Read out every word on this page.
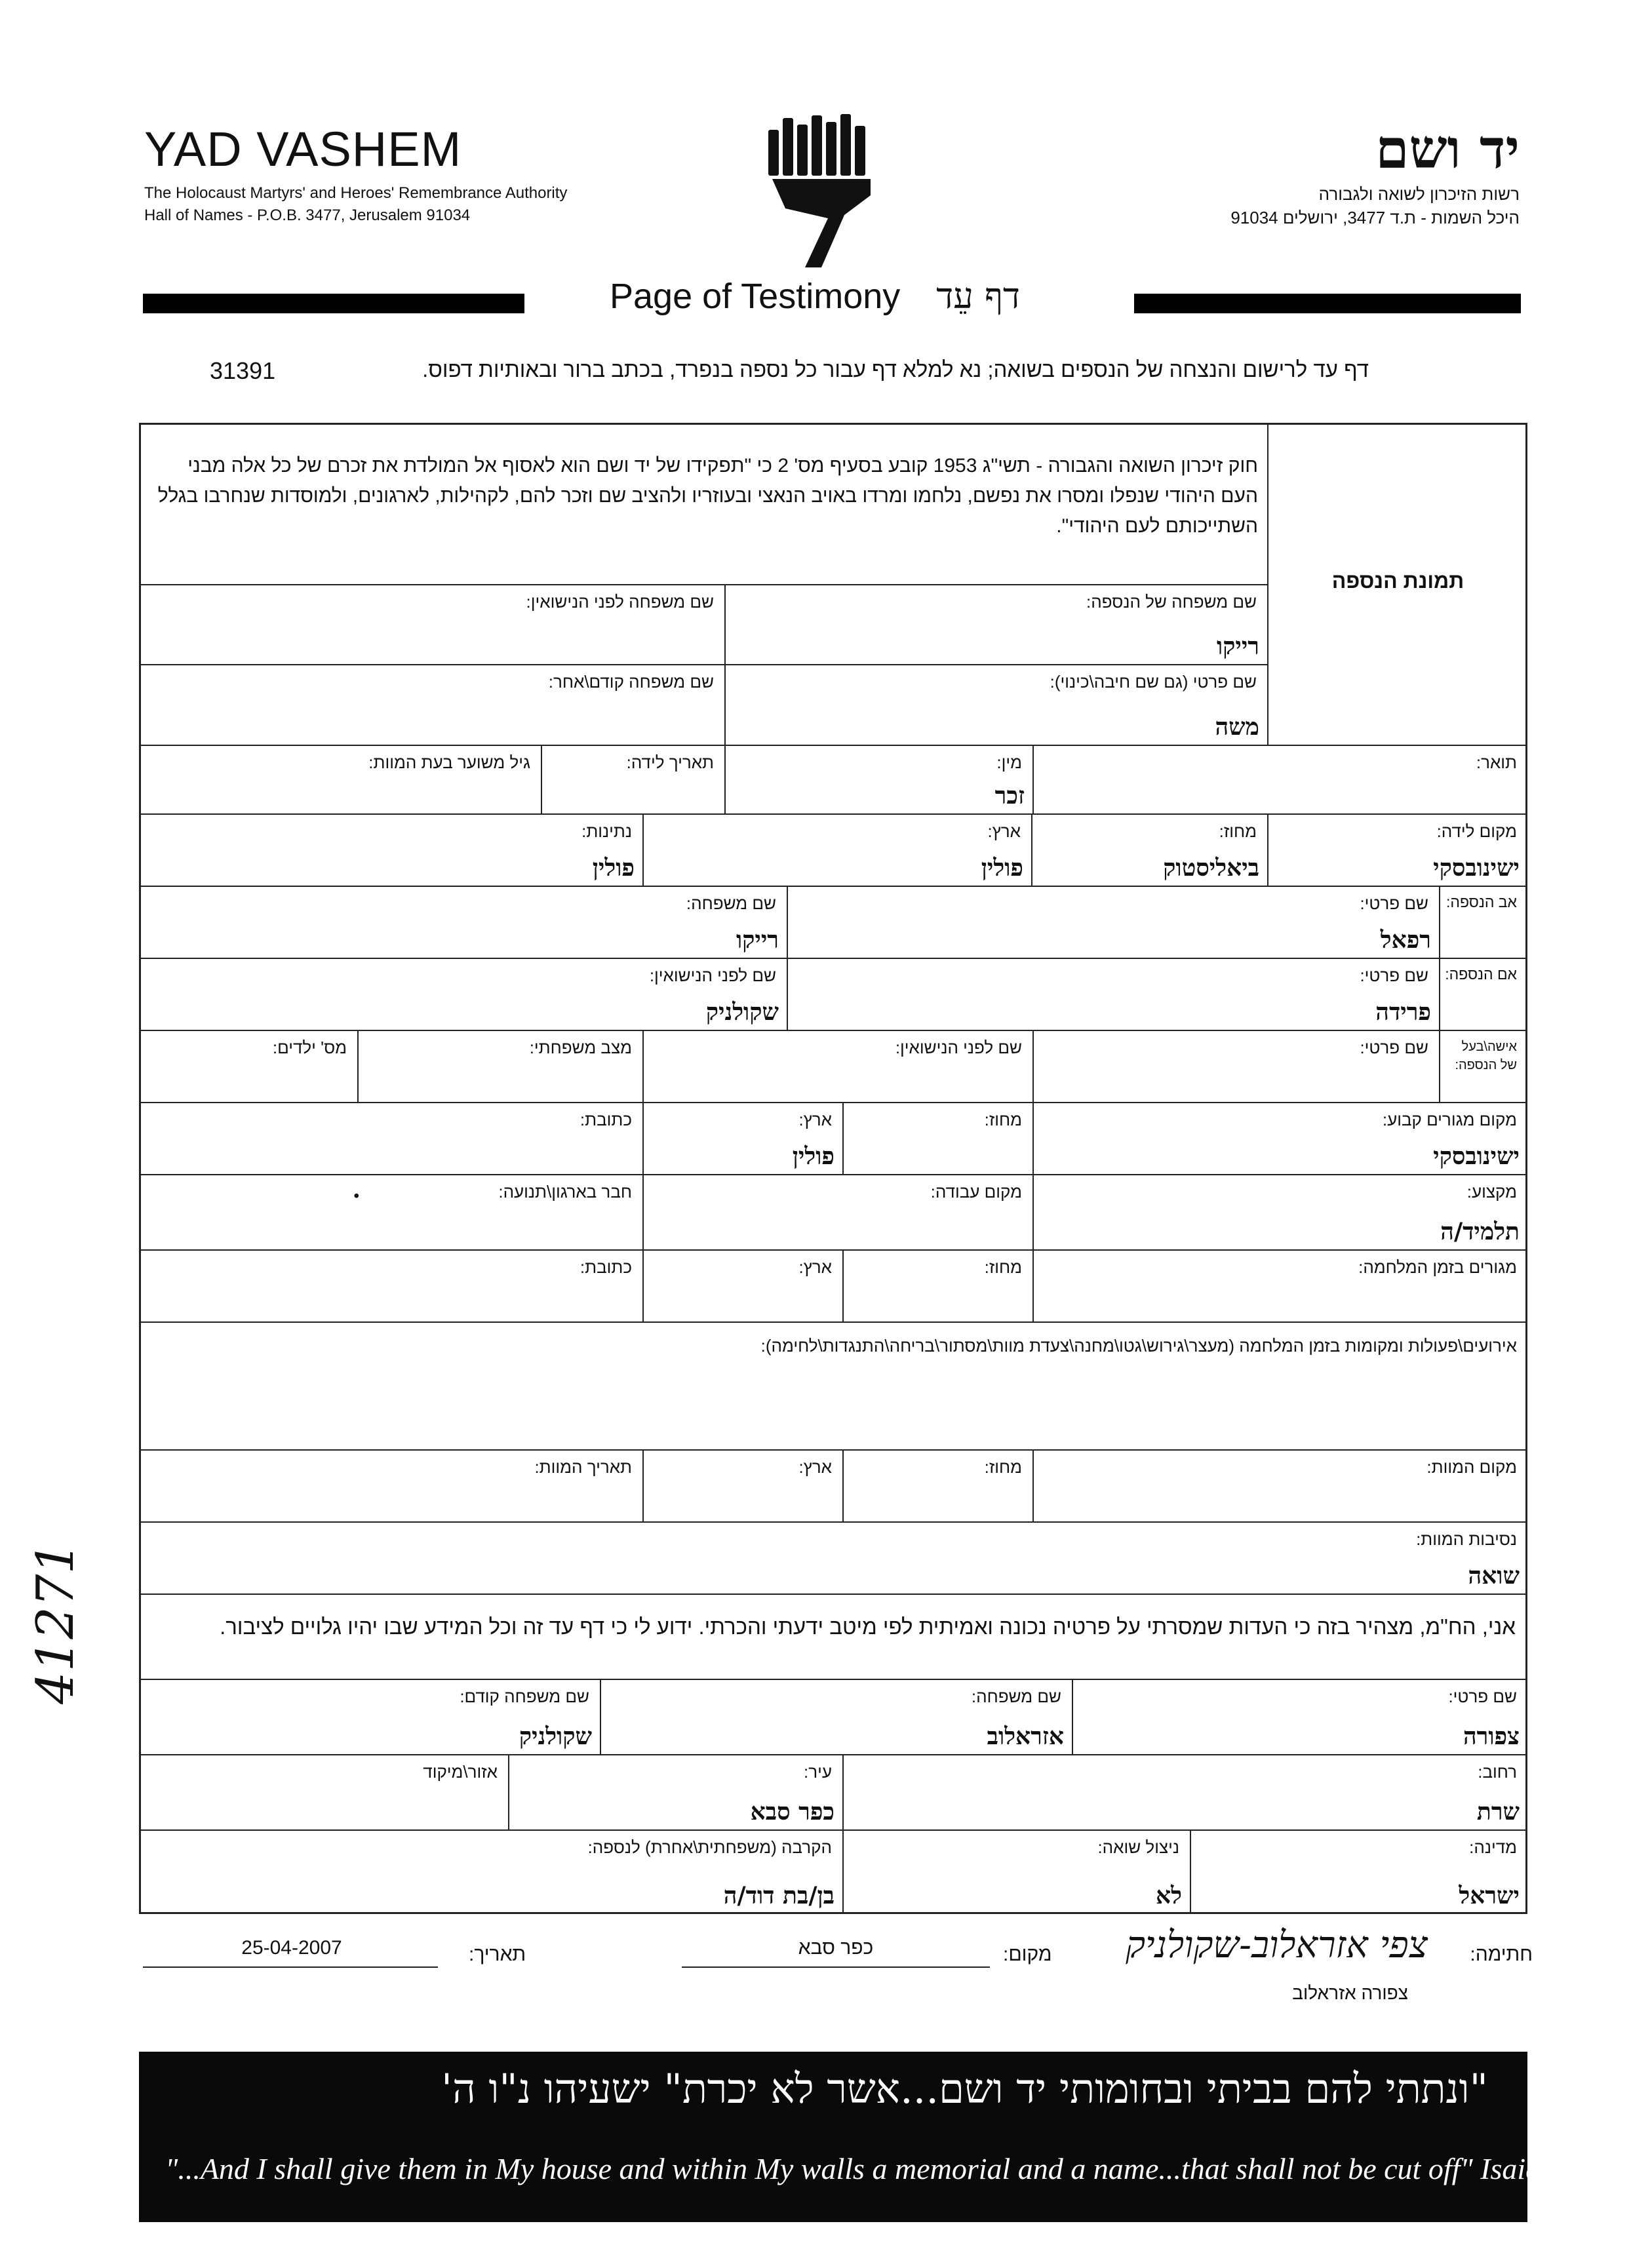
YAD VASHEM
The Holocaust Martyrs' and Heroes' Remembrance Authority
Hall of Names - P.O.B. 3477, Jerusalem 91034
יד ושם
רשות הזיכרון לשואה ולגבורה
היכל השמות - ת.ד 3477, ירושלים 91034
Page of Testimony דף עֵד
דף עד לרישום והנצחה של הנספים בשואה; נא למלא דף עבור כל נספה בנפרד, בכתב ברור ובאותיות דפוס.
31391
חוק זיכרון השואה והגבורה - תשי"ג 1953 קובע בסעיף מס' 2 כי "תפקידו של יד ושם הוא לאסוף אל המולדת את זכרם של כל אלה מבני העם היהודי שנפלו ומסרו את נפשם, נלחמו ומרדו באויב הנאצי ובעוזריו ולהציב שם וזכר להם, לקהילות, לארגונים, ולמוסדות שנחרבו בגלל השתייכותם לעם היהודי".
תמונת הנספה
שם משפחה של הנספה:
רייקו
שם משפחה לפני הנישואין:
שם פרטי (גם שם חיבה\כינוי):
משה
שם משפחה קודם\אחר:
תואר:
מין:
זכר
תאריך לידה:
גיל משוער בעת המוות:
מקום לידה:
ישינובסקי
מחוז:
ביאליסטוק
ארץ:
פולין
נתינות:
פולין
אב הנספה:
שם פרטי:
רפאל
שם משפחה:
רייקו
אם הנספה:
שם פרטי:
פרידה
שם לפני הנישואין:
שקולניק
אישה\בעל של הנספה:
שם פרטי:
שם לפני הנישואין:
מצב משפחתי:
מס' ילדים:
מקום מגורים קבוע:
ישינובסקי
מחוז:
ארץ:
פולין
כתובת:
מקצוע:
תלמיד/ה
מקום עבודה:
חבר בארגון\תנועה:
·
מגורים בזמן המלחמה:
מחוז:
ארץ:
כתובת:
אירועים\פעולות ומקומות בזמן המלחמה (מעצר\גירוש\גטו\מחנה\צעדת מוות\מסתור\בריחה\התנגדות\לחימה):
מקום המוות:
מחוז:
ארץ:
תאריך המוות:
נסיבות המוות:
שואה
אני, הח"מ, מצהיר בזה כי העדות שמסרתי על פרטיה נכונה ואמיתית לפי מיטב ידעתי והכרתי. ידוע לי כי דף עד זה וכל המידע שבו יהיו גלויים לציבור.
שם פרטי:
צפורה
שם משפחה:
אזראלוב
שם משפחה קודם:
שקולניק
רחוב:
שרת
עיר:
כפר סבא
אזור\מיקוד
מדינה:
ישראל
ניצול שואה:
לא
הקרבה (משפחתית\אחרת) לנספה:
בן/בת דוד/ה
חתימה:
צפי אזראלוב-שקולניק
צפורה אזראלוב
מקום:
כפר סבא
תאריך:
25-04-2007
"ונתתי להם בביתי ובחומותי יד ושם...אשר לא יכרת" ישעיהו נ"ו ה'
"...And I shall give them in My house and within My walls a memorial and a name...that shall not be cut off" Isaiah 56:5
41271
